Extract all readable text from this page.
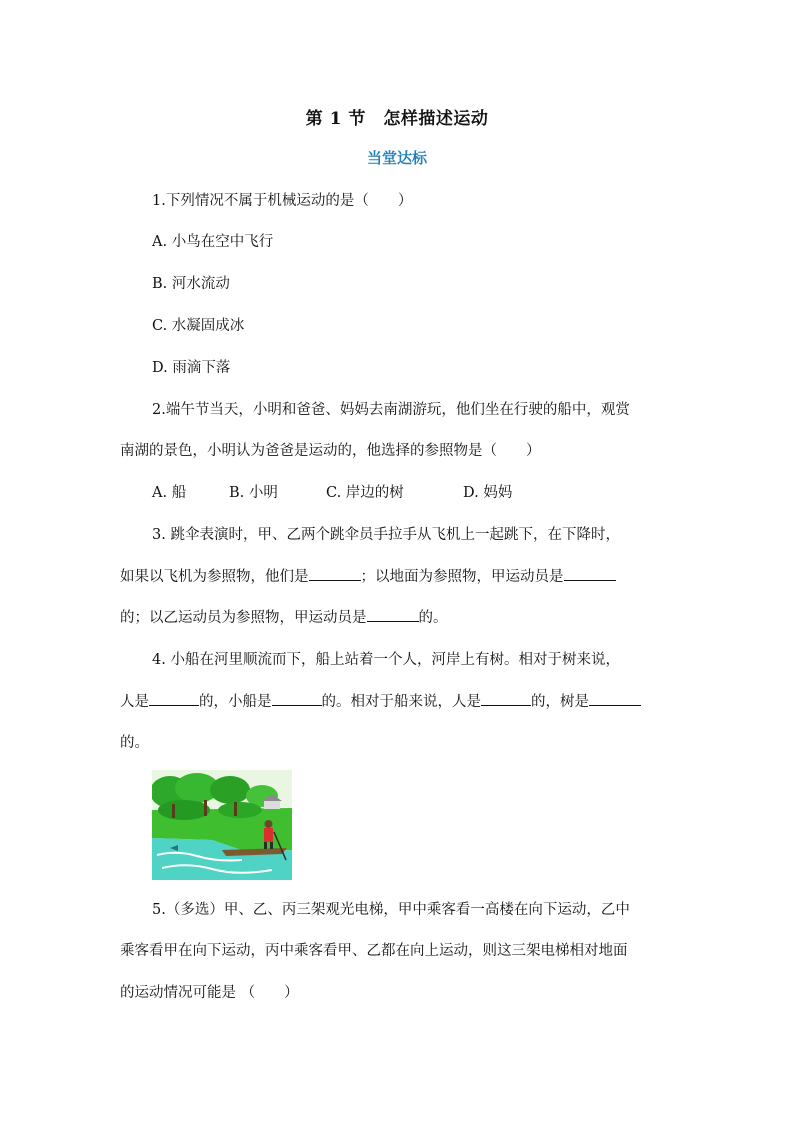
第 1 节　怎样描述运动
当堂达标
1.下列情况不属于机械运动的是（　　）
A. 小鸟在空中飞行
B. 河水流动
C. 水凝固成冰
D. 雨滴下落
2.端午节当天，小明和爸爸、妈妈去南湖游玩，他们坐在行驶的船中，观赏
南湖的景色，小明认为爸爸是运动的，他选择的参照物是（　　）
A. 船	B. 小明	C. 岸边的树	D. 妈妈
3. 跳伞表演时，甲、乙两个跳伞员手拉手从飞机上一起跳下，在下降时，
如果以飞机为参照物，他们是	；以地面为参照物，甲运动员是
的；以乙运动员为参照物，甲运动员是	的。
4. 小船在河里顺流而下，船上站着一个人，河岸上有树。相对于树来说，
人是	的，小船是	的。相对于船来说，人是	的，树是
的。
5.（多选）甲、乙、丙三架观光电梯，甲中乘客看一高楼在向下运动，乙中
乘客看甲在向下运动，丙中乘客看甲、乙都在向上运动，则这三架电梯相对地面
的运动情况可能是 （　　）
